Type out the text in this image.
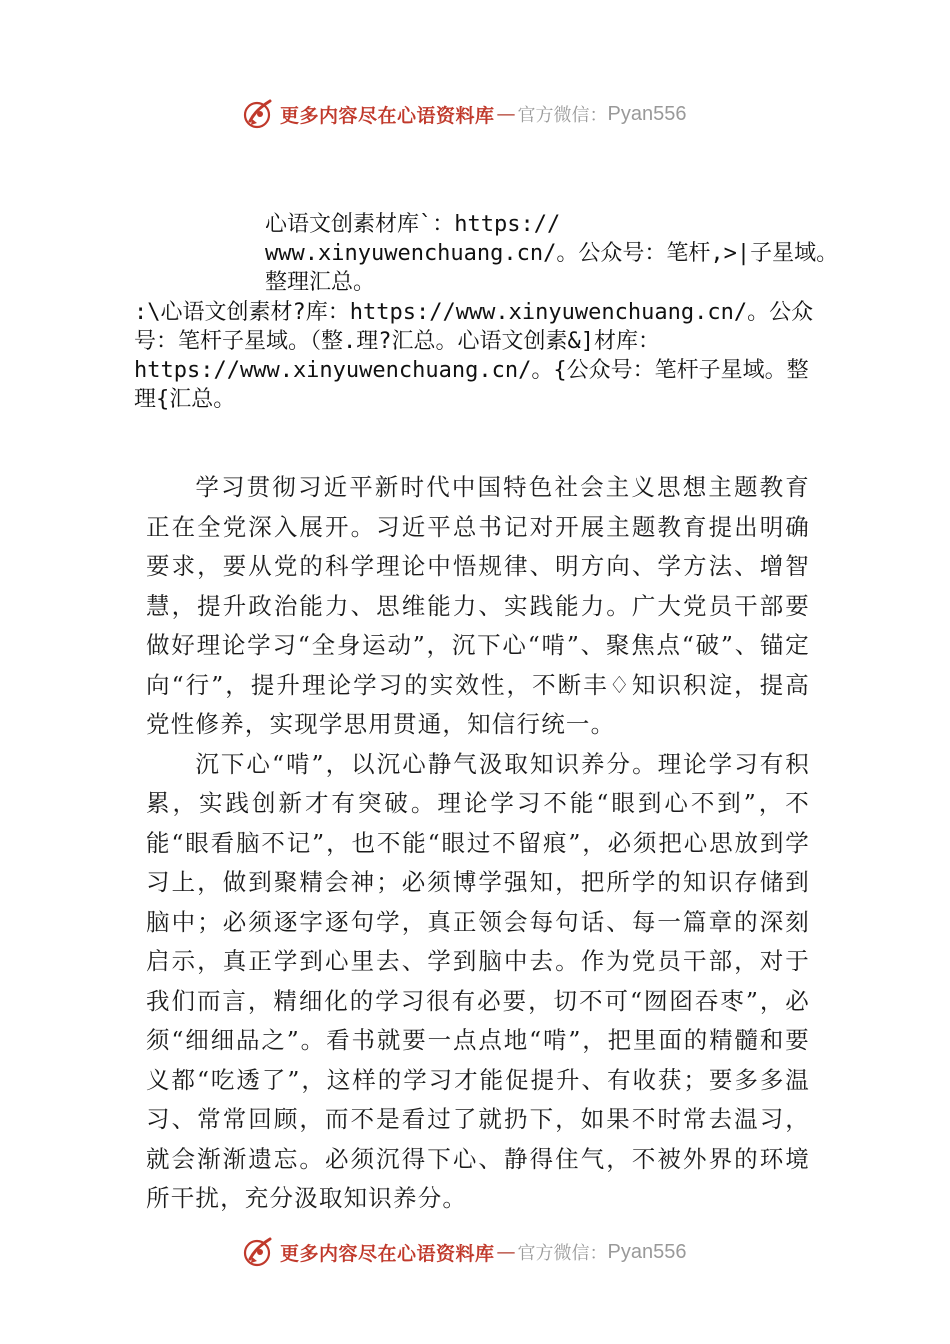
更多内容尽在心语资料库 — 官方微信： Pyan556
心语文创素材库`：https://
www.xinyuwenchuang.cn/。公众号：笔杆,>|子星域。
整理汇总。
:\心语文创素材?库：https://www.xinyuwenchuang.cn/。公众
号：笔杆子星域。（整.理?汇总。心语文创素&]材库：
https://www.xinyuwenchuang.cn/。{公众号：笔杆子星域。整
理{汇总。

学习贯彻习近平新时代中国特色社会主义思想主题教育正在全党深入展开。习近平总书记对开展主题教育提出明确要求，要从党的科学理论中悟规律、明方向、学方法、增智慧，提升政治能力、思维能力、实践能力。广大党员干部要做好理论学习“全身运动”，沉下心“啃”、聚焦点“破”、锚定向“行”，提升理论学习的实效性，不断丰♢知识积淀，提高党性修养，实现学思用贯通，知信行统一。

沉下心“啃”，以沉心静气汲取知识养分。理论学习有积累，实践创新才有突破。理论学习不能“眼到心不到”，不能“眼看脑不记”，也不能“眼过不留痕”，必须把心思放到学习上，做到聚精会神；必须博学强知，把所学的知识存储到脑中；必须逐字逐句学，真正领会每句话、每一篇章的深刻启示，真正学到心里去、学到脑中去。作为党员干部，对于我们而言，精细化的学习很有必要，切不可“囫囵吞枣”，必须“细细品之”。看书就要一点点地“啃”，把里面的精髓和要义都“吃透了”，这样的学习才能促提升、有收获；要多多温习、常常回顾，而不是看过了就扔下，如果不时常去温习，就会渐渐遗忘。必须沉得下心、静得住气，不被外界的环境所干扰，充分汲取知识养分。

更多内容尽在心语资料库 — 官方微信： Pyan556
